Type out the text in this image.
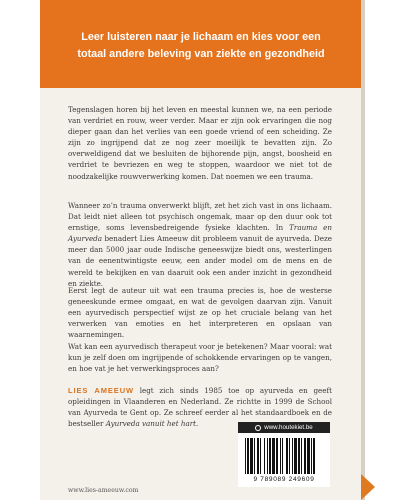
Leer luisteren naar je lichaam en kies voor een
totaal andere beleving van ziekte en gezondheid

Tegenslagen horen bij het leven en meestal kunnen we, na een periode van verdriet en rouw, weer verder. Maar er zijn ook ervaringen die nog dieper gaan dan het verlies van een goede vriend of een scheiding. Ze zijn zo ingrijpend dat ze nog zeer moeilijk te bevatten zijn. Zo overweldigend dat we besluiten de bijhorende pijn, angst, boosheid en verdriet te bevriezen en weg te stoppen, waardoor we niet tot de noodzakelijke rouwverwerking komen. Dat noemen we een trauma.

Wanneer zo’n trauma onverwerkt blijft, zet het zich vast in ons lichaam. Dat leidt niet alleen tot psychisch ongemak, maar op den duur ook tot ernstige, soms levensbedreigende fysieke klachten. In Trauma en Ayurveda benadert Lies Ameeuw dit probleem vanuit de ayurveda. Deze meer dan 5000 jaar oude Indische geneeswijze biedt ons, westerlingen van de eenentwintigste eeuw, een ander model om de mens en de wereld te bekijken en van daaruit ook een ander inzicht in gezondheid en ziekte.

Eerst legt de auteur uit wat een trauma precies is, hoe de westerse geneeskunde ermee omgaat, en wat de gevolgen daarvan zijn. Vanuit een ayurvedisch perspectief wijst ze op het cruciale belang van het verwerken van emoties en het interpreteren en opslaan van waarnemingen.

Wat kan een ayurvedisch therapeut voor je betekenen? Maar vooral: wat kun je zelf doen om ingrijpende of schokkende ervaringen op te vangen, en hoe vat je het verwerkingsproces aan?

LIES AMEEUW legt zich sinds 1985 toe op ayurveda en geeft opleidingen in Vlaanderen en Nederland. Ze richtte in 1999 de School van Ayurveda te Gent op. Ze schreef eerder al het standaardboek en de bestseller Ayurveda vanuit het hart.	www.houtekiet.be
9 789089 249609

www.lies-ameeuw.com
